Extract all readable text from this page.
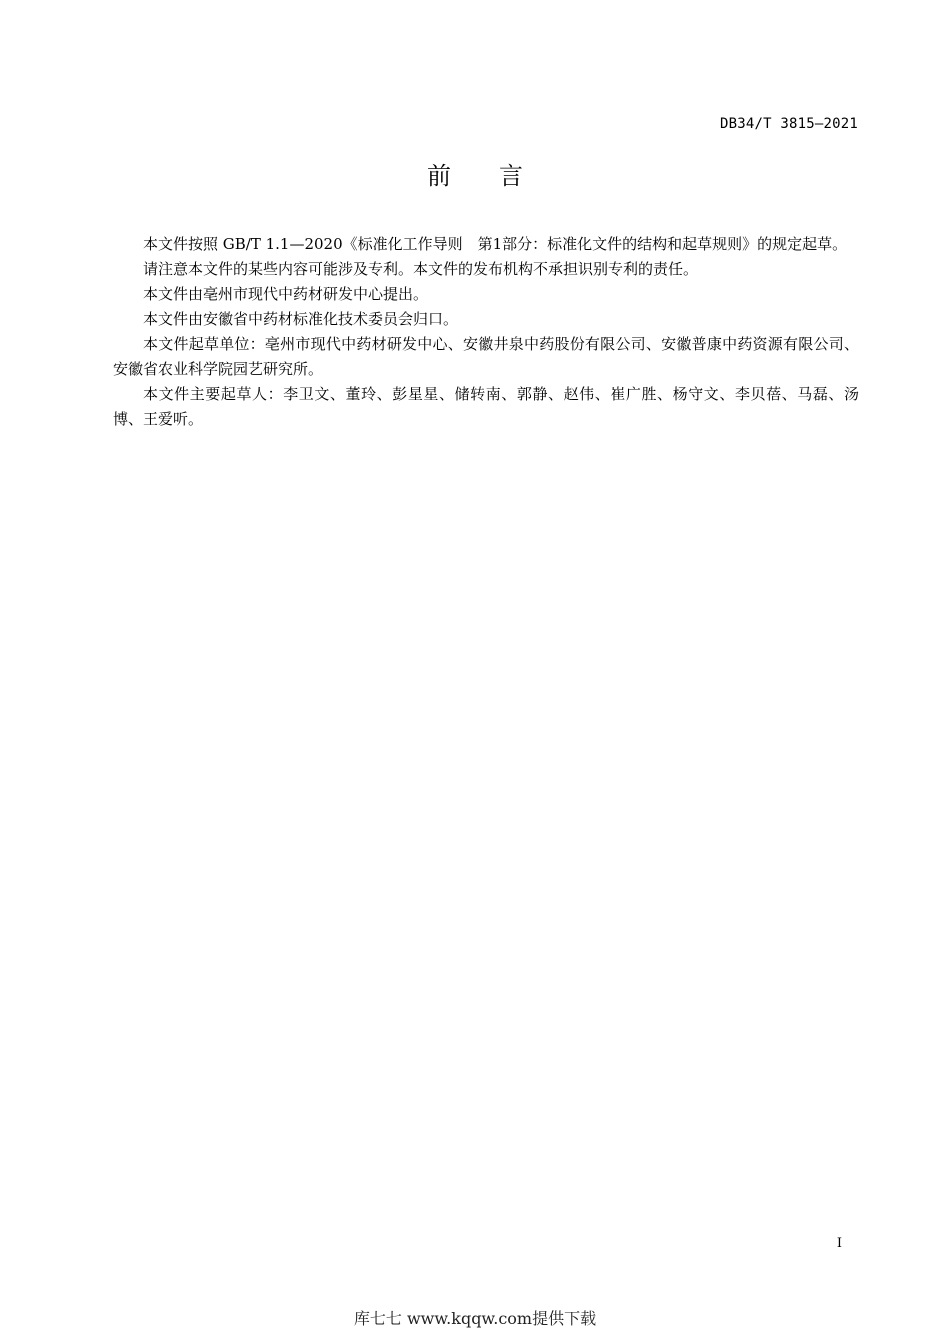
DB34/T 3815—2021
前言

本文件按照 GB/T 1.1—2020《标准化工作导则　第1部分：标准化文件的结构和起草规则》的规定起草。

请注意本文件的某些内容可能涉及专利。本文件的发布机构不承担识别专利的责任。

本文件由亳州市现代中药材研发中心提出。

本文件由安徽省中药材标准化技术委员会归口。

本文件起草单位：亳州市现代中药材研发中心、安徽井泉中药股份有限公司、安徽普康中药资源有限公司、安徽省农业科学院园艺研究所。

本文件主要起草人：李卫文、董玲、彭星星、储转南、郭静、赵伟、崔广胜、杨守文、李贝蓓、马磊、汤博、王爱听。

I
库七七 www.kqqw.com提供下载
